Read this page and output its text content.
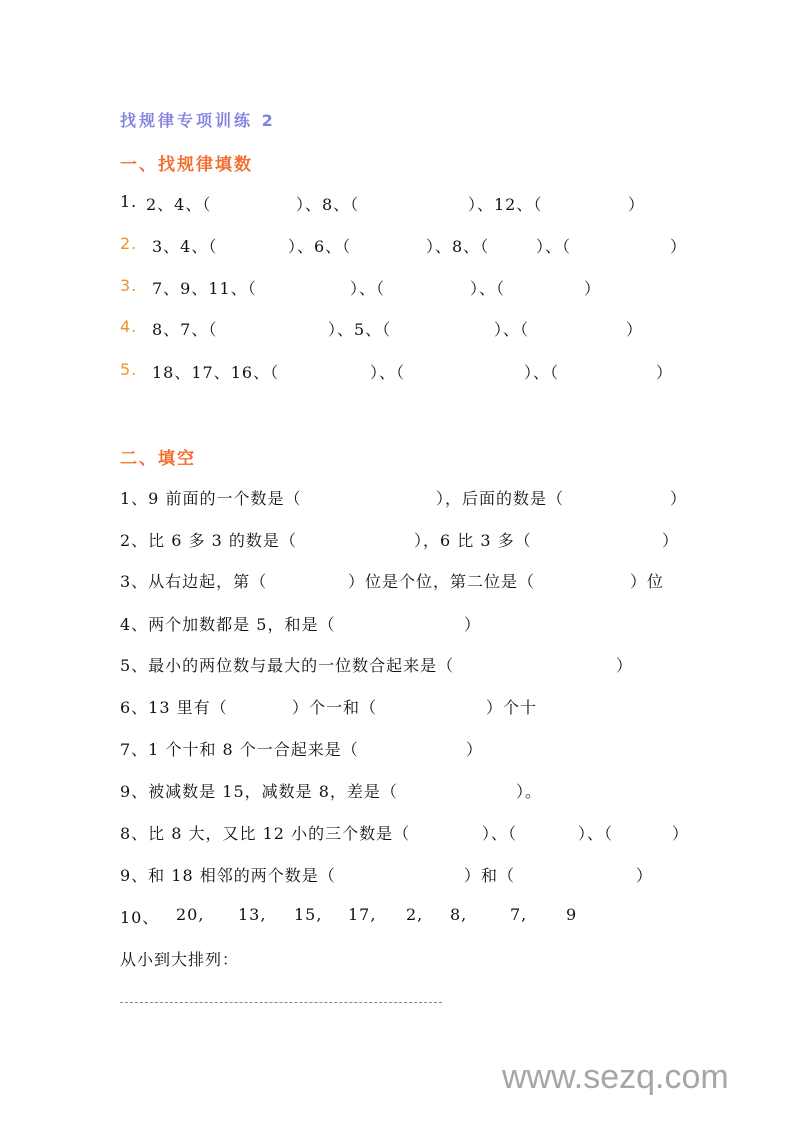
找规律专项训练 2
一、找规律填数

1.

2、4、（

	）、8、（

	）、12、（

	）

2.

3、4、（

	）、6、（

	）、8、（

	）、（

	）

3.

7、9、11、（

	）、（

	）、（

	）

4.

8、7、（

	）、5、（

	）、（

	）

5.

18、17、16、（

	）、（

	）、（

	）

二、填空

1、9 前面的一个数是（

	），后面的数是（

	）

2、比 6 多 3 的数是（

	），6 比 3 多（

	）

3、从右边起，第（

	）位是个位，第二位是（

	）位

4、两个加数都是 5，和是（

	）

5、最小的两位数与最大的一位数合起来是（

	）

6、13 里有（

	）个一和（

	）个十

7、1 个十和 8 个一合起来是（

	）

9、被减数是 15，减数是 8，差是（

	）。

8、比 8 大，又比 12 小的三个数是（

	）、（

	）、（

	）

9、和 18 相邻的两个数是（

	）和（

	）

10、

20,

13,

15,

17,

2,

8,

	7,

9

从小到大排列：
www.sezq.com
